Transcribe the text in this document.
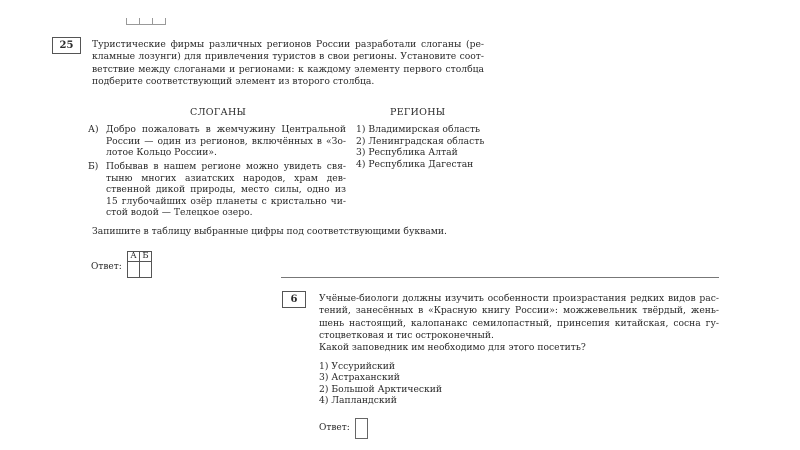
25	Туристические фирмы различных регионов России разработали слоганы (ре-
кламные лозунги) для привлечения туристов в свои регионы. Установите соот-
ветствие между слоганами и регионами: к каждому элементу первого столбца
подберите соответствующий элемент из второго столбца.
СЛОГАНЫ	РЕГИОНЫ
А) Добро пожаловать в жемчужину Центральной
России — один из регионов, включённых в «Зо-
лотое Кольцо России».
Б) Побывав в нашем регионе можно увидеть свя-
тыню многих азиатских народов, храм дев-
ственной дикой природы, место силы, одно из
15 глубочайших озёр планеты с кристально чи-
стой водой — Телецкое озеро.
1) Владимирская область
2) Ленинградская область
3) Республика Алтай
4) Республика Дагестан
Запишите в таблицу выбранные цифры под соответствующими буквами.
Ответ:
А	Б

6	Учёные-биологи должны изучить особенности произрастания редких видов рас-
тений, занесённых в «Красную книгу России»: можжевельник твёрдый, жень-
шень настоящий, калопанакс семилопастный, принсепия китайская, сосна гу-
стоцветковая и тис остроконечный.
Какой заповедник им необходимо для этого посетить?
1) Уссурийский
3) Астраханский
2) Большой Арктический
4) Лапландский
Ответ:
